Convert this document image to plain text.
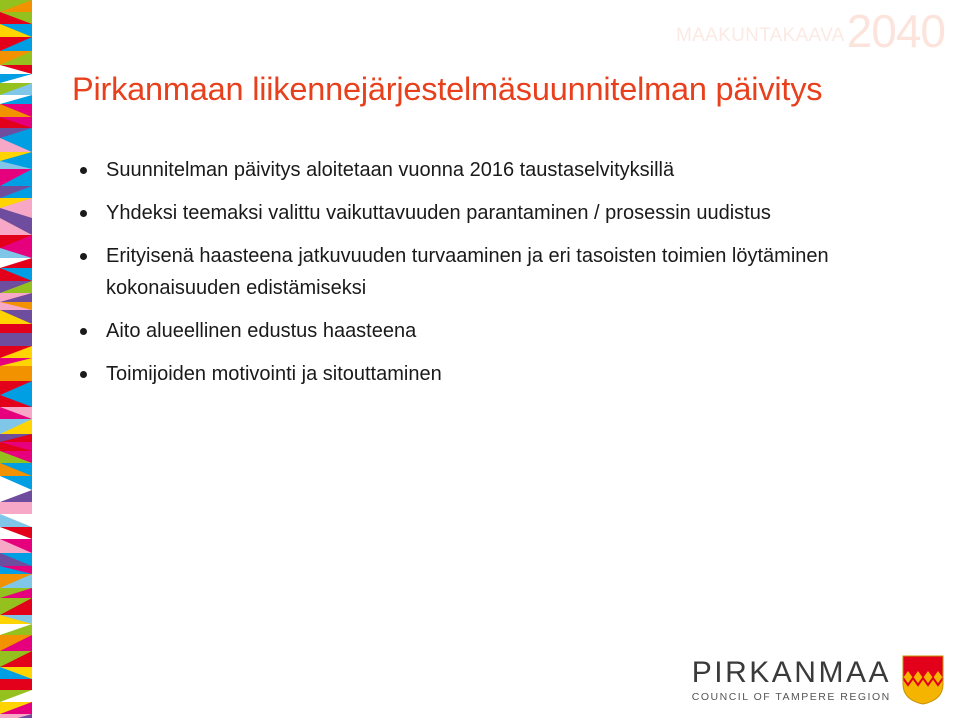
MAAKUNTAKAAVA 2040
Pirkanmaan liikennejärjestelmäsuunnitelman päivitys
Suunnitelman päivitys aloitetaan vuonna 2016 taustaselvityksillä
Yhdeksi teemaksi valittu vaikuttavuuden parantaminen / prosessin uudistus
Erityisenä haasteena jatkuvuuden turvaaminen ja eri tasoisten toimien löytäminen kokonaisuuden edistämiseksi
Aito alueellinen edustus haasteena
Toimijoiden motivointi ja sitouttaminen
PIRKANMAA
COUNCIL OF TAMPERE REGION
